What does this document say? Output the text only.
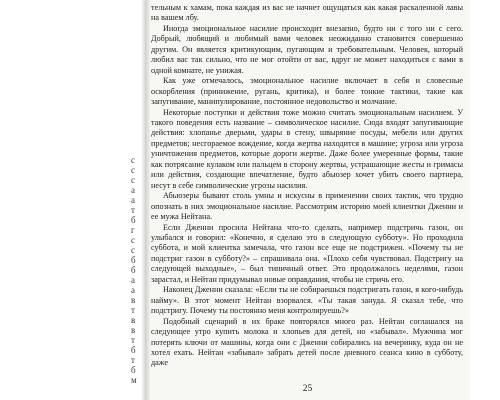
с
с
с
а
а
т
б
г
с
с
б
б
а
а
в
т
в
в
т
б
т
б
м

тельным к хамам, пока каждая из вас не начнет ощущаться как какая раскаленной лавы на вашем лбу.

Иногда эмоциональное насилие происходит внезапно, будто ни с того ни с сего. Добрый, любящий и любимый вами человек неожиданно становится совершенно другим. Он является критикующим, пугающим и требовательным. Человек, который любил вас так сильно, что не мог отойти от вас, вдруг не может находиться с вами в одной комнате, не унижая.

Как уже отмечалось, эмоциональное насилие включает в себя и словесные оскорбления (принижение, ругань, критика), и более тонкие тактики, такие как запугивание, манипулирование, постоянное недовольство и молчание.

Некоторые поступки и действия тоже можно считать эмоциональным насилием. У такого поведения есть название – символическое насилие. Сюда входят запугивающие действия: хлопанье дверьми, удары в стену, швыряние посуды, мебели или других предметов; несгораемое вождение, когда жертва находится в машине; угроза или угроза уничтожения предметов, которые дороги жертве. Даже более умеренные формы, такие как потрясание кулаком или пальцем в сторону жертвы, устрашающие жесты и гримасы или действия, создающие впечатление, будто абьюзер хочет убить своего партнера, несут в себе символические угрозы насилия.

Абьюзеры бывают столь умны и искусны в применении своих тактик, что трудно опознать в них эмоциональное насилие. Рассмотрим историю моей клиентки Дженни и ее мужа Нейтана.

Если Дженни просила Нейтана что-то сделать, например подстричь газон, он улыбался и говорил: «Конечно, я сделаю это в следующую субботу». Но проходила суббота, и мой клиентка замечала, что газон все еще не подстрижен. «Почему ты не подстриг газон в субботу?» – спрашивала она. «Плохо себя чувствовал. Подстригу на следующей выходные», – был типичный ответ. Это продолжалось неделями, газон зарастал, и Нейтан придумывал новые оправдания, чтобы не стричь его.

Наконец Дженни сказала: «Если ты не собираешься подстригать газон, я кого-нибудь найму». В этот момент Нейтан взорвался. «Ты такая зануда. Я сказал тебе, что подстригу. Почему ты постоянно меня контролируешь?»

Подобный сценарий в их браке повторялся много раз. Нейтан соглашался на следующее утро купить молока и хлопьев для детей, но «забывал». Мужчина мог потерять ключи от машины, когда они с Дженни собирались на вечеринку, куда он не хотел ехать. Нейтан «забывал» забрать детей после дневного сеанса кино в субботу, даже

25
